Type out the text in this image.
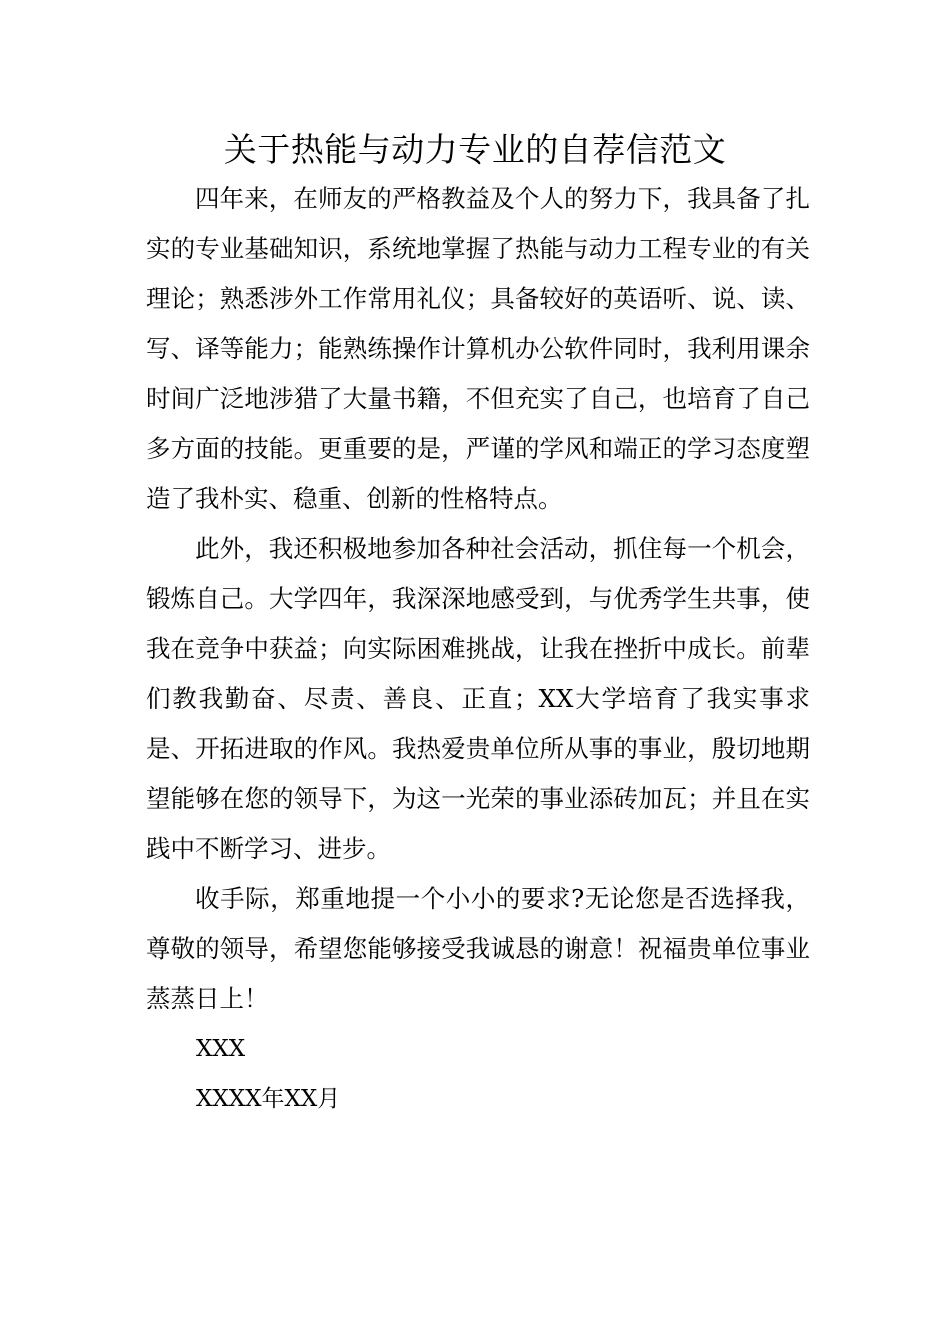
关于热能与动力专业的自荐信范文

四年来，在师友的严格教益及个人的努力下，我具备了扎实的专业基础知识，系统地掌握了热能与动力工程专业的有关理论；熟悉涉外工作常用礼仪；具备较好的英语听、说、读、写、译等能力；能熟练操作计算机办公软件同时，我利用课余时间广泛地涉猎了大量书籍，不但充实了自己，也培育了自己多方面的技能。更重要的是，严谨的学风和端正的学习态度塑造了我朴实、稳重、创新的性格特点。

此外，我还积极地参加各种社会活动，抓住每一个机会，锻炼自己。大学四年，我深深地感受到，与优秀学生共事，使我在竞争中获益；向实际困难挑战，让我在挫折中成长。前辈们教我勤奋、尽责、善良、正直；XX大学培育了我实事求是、开拓进取的作风。我热爱贵单位所从事的事业，殷切地期望能够在您的领导下，为这一光荣的事业添砖加瓦；并且在实践中不断学习、进步。

收手际，郑重地提一个小小的要求?无论您是否选择我，尊敬的领导，希望您能够接受我诚恳的谢意！祝福贵单位事业蒸蒸日上！

XXX

XXXX年XX月
